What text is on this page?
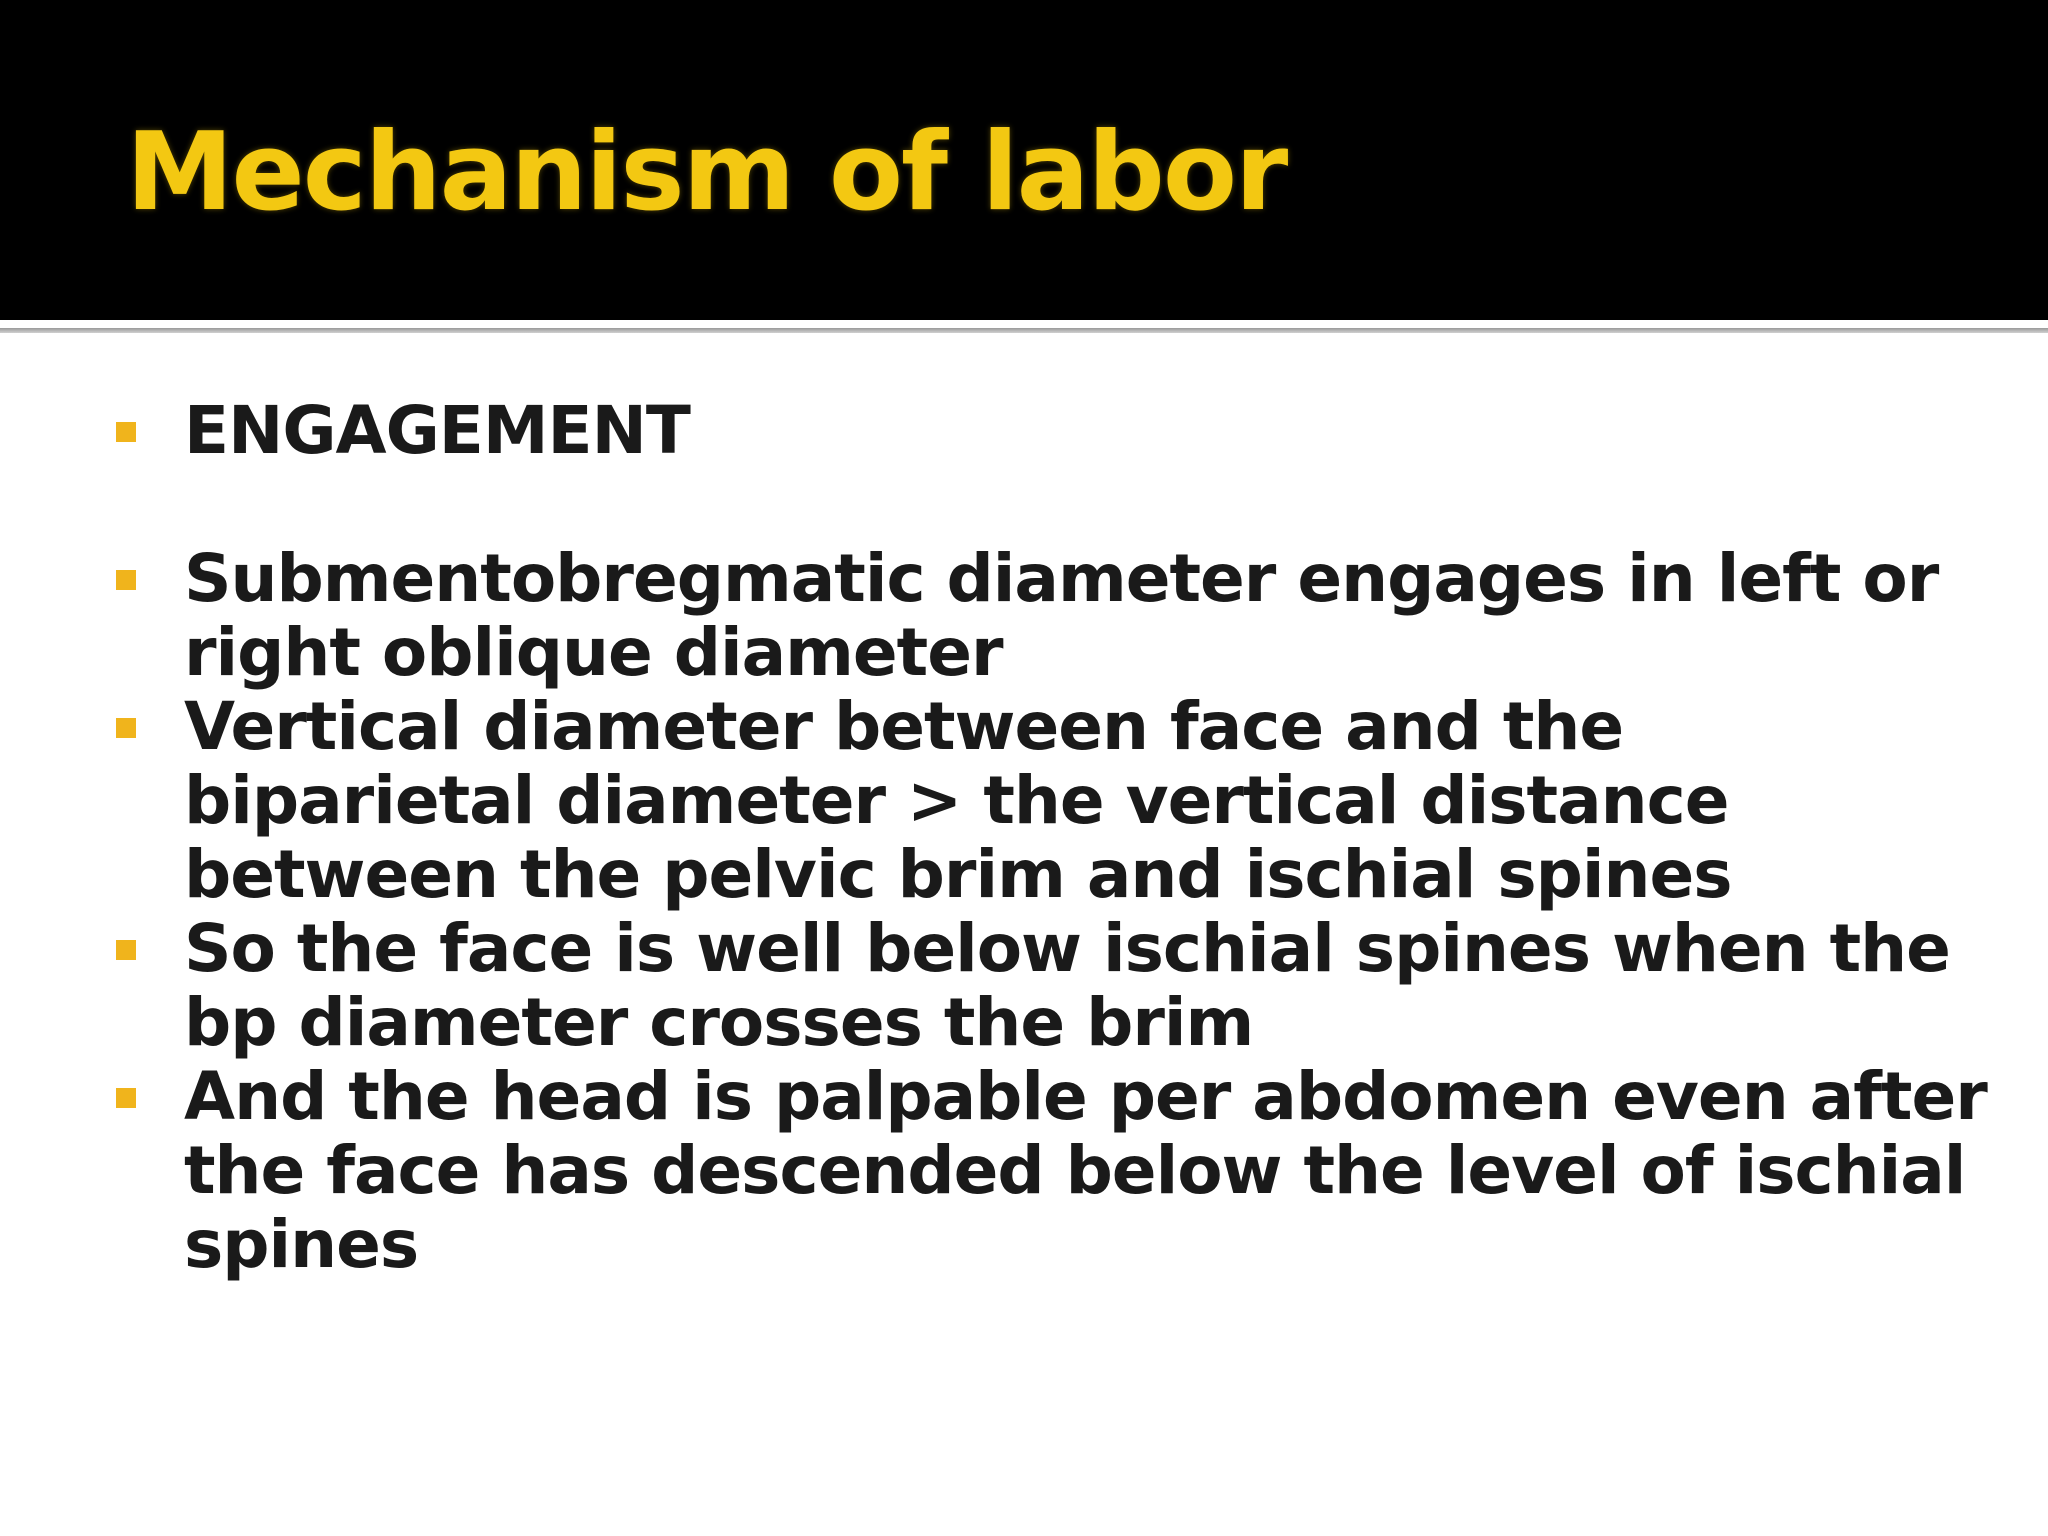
Mechanism of labor
ENGAGEMENT
Submentobregmatic diameter engages in left or right oblique diameter
Vertical diameter between face and the biparietal diameter > the vertical distance between the pelvic brim and ischial spines
So the face is well below ischial spines when the bp diameter crosses the brim
And the head is palpable per abdomen even after the face has descended below the level of ischial spines
